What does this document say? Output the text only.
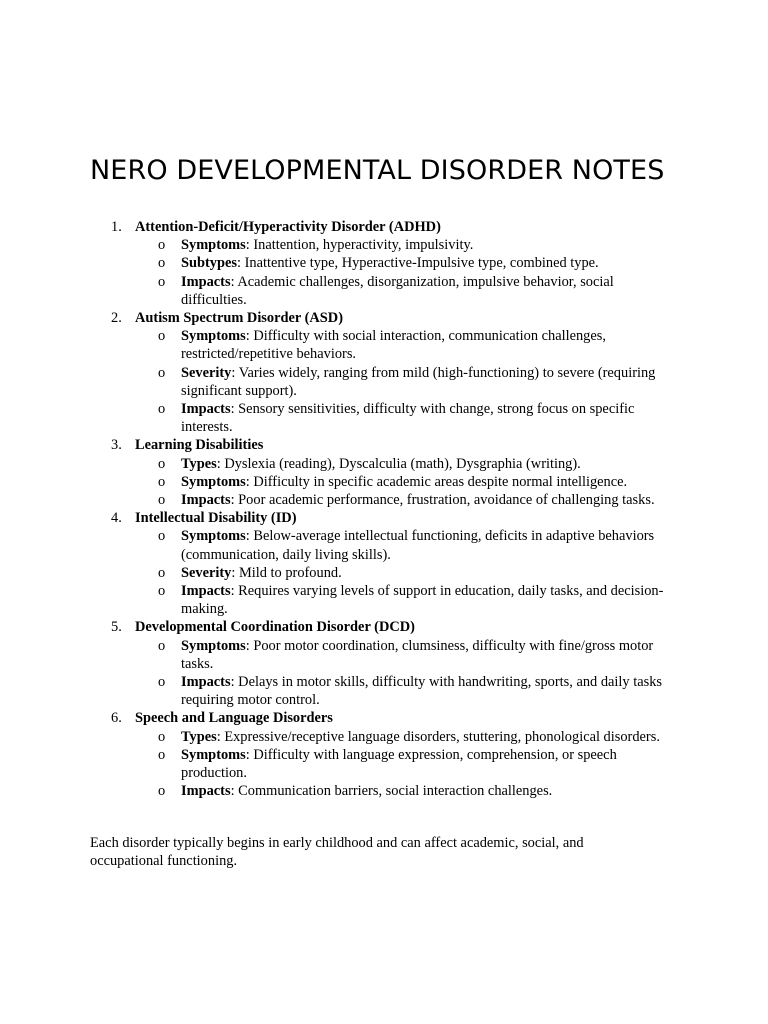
NERO DEVELOPMENTAL DISORDER NOTES
1. Attention-Deficit/Hyperactivity Disorder (ADHD)
o Symptoms: Inattention, hyperactivity, impulsivity.
o Subtypes: Inattentive type, Hyperactive-Impulsive type, combined type.
o Impacts: Academic challenges, disorganization, impulsive behavior, social difficulties.
2. Autism Spectrum Disorder (ASD)
o Symptoms: Difficulty with social interaction, communication challenges, restricted/repetitive behaviors.
o Severity: Varies widely, ranging from mild (high-functioning) to severe (requiring significant support).
o Impacts: Sensory sensitivities, difficulty with change, strong focus on specific interests.
3. Learning Disabilities
o Types: Dyslexia (reading), Dyscalculia (math), Dysgraphia (writing).
o Symptoms: Difficulty in specific academic areas despite normal intelligence.
o Impacts: Poor academic performance, frustration, avoidance of challenging tasks.
4. Intellectual Disability (ID)
o Symptoms: Below-average intellectual functioning, deficits in adaptive behaviors (communication, daily living skills).
o Severity: Mild to profound.
o Impacts: Requires varying levels of support in education, daily tasks, and decision-making.
5. Developmental Coordination Disorder (DCD)
o Symptoms: Poor motor coordination, clumsiness, difficulty with fine/gross motor tasks.
o Impacts: Delays in motor skills, difficulty with handwriting, sports, and daily tasks requiring motor control.
6. Speech and Language Disorders
o Types: Expressive/receptive language disorders, stuttering, phonological disorders.
o Symptoms: Difficulty with language expression, comprehension, or speech production.
o Impacts: Communication barriers, social interaction challenges.

Each disorder typically begins in early childhood and can affect academic, social, and occupational functioning.
